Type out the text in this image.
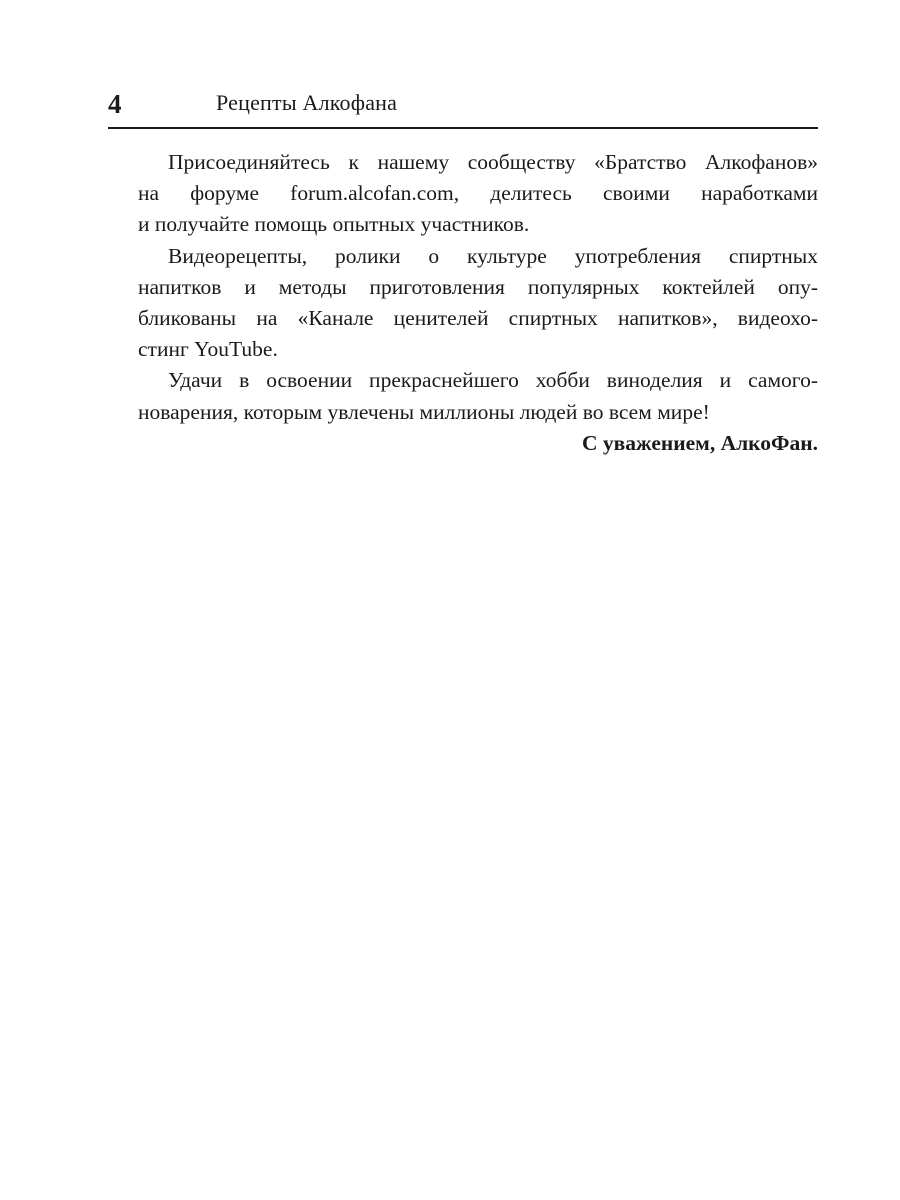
4	Рецепты Алкофана

Присоединяйтесь к нашему сообществу «Братство Алкофанов»
на форуме forum.alcofan.com, делитесь своими наработками
и получайте помощь опытных участников.

Видеорецепты, ролики о культуре употребления спиртных
напитков и методы приготовления популярных коктейлей опу-
бликованы на «Канале ценителей спиртных напитков», видеохо-
стинг YouTube.

Удачи в освоении прекраснейшего хобби виноделия и самого-
новарения, которым увлечены миллионы людей во всем мире!

С уважением, АлкоФан.
